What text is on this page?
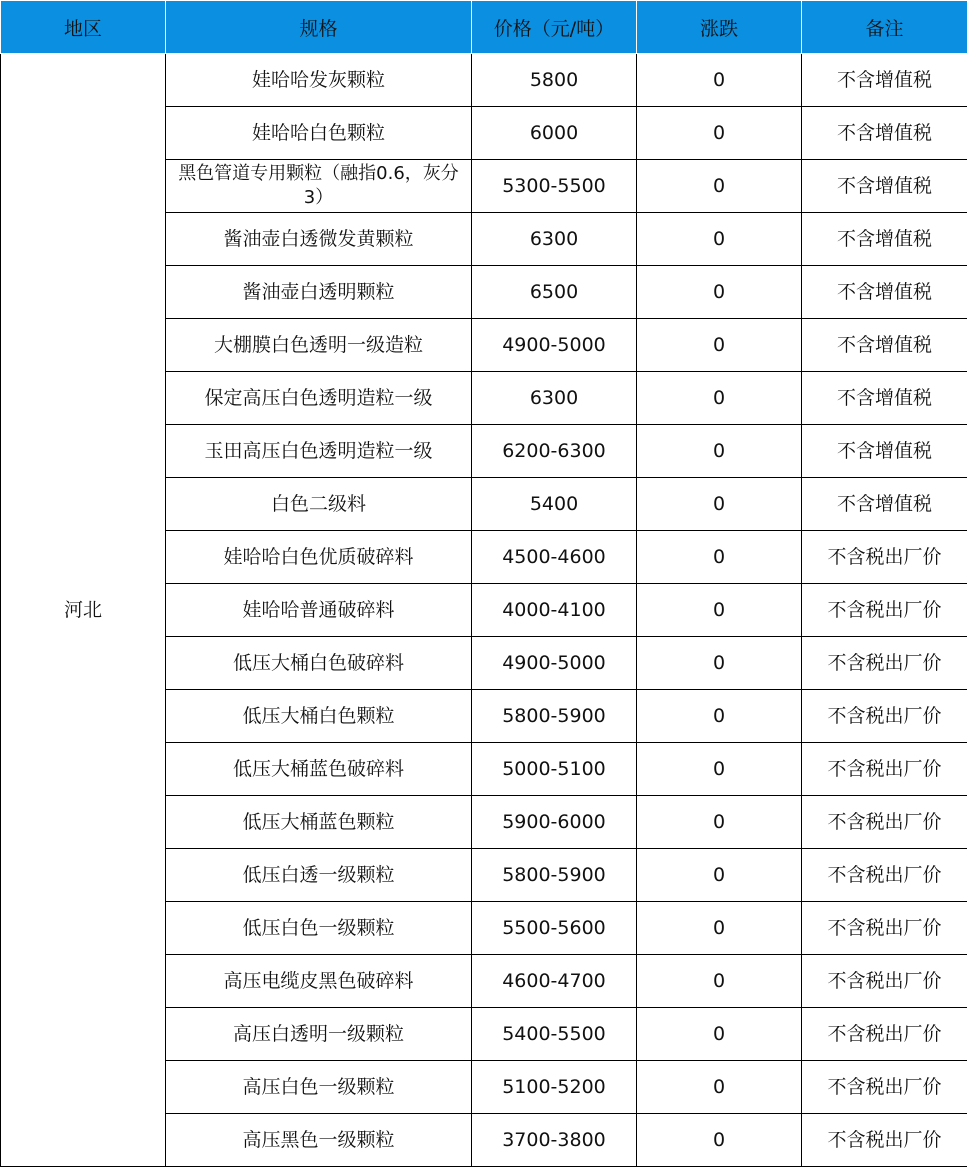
地区	规格	价格（元/吨）	涨跌	备注
河北	娃哈哈发灰颗粒	5800	0	不含增值税
	娃哈哈白色颗粒	6000	0	不含增值税
	黑色管道专用颗粒（融指0.6，灰分3）	5300-5500	0	不含增值税
	酱油壶白透微发黄颗粒	6300	0	不含增值税
	酱油壶白透明颗粒	6500	0	不含增值税
	大棚膜白色透明一级造粒	4900-5000	0	不含增值税
	保定高压白色透明造粒一级	6300	0	不含增值税
	玉田高压白色透明造粒一级	6200-6300	0	不含增值税
	白色二级料	5400	0	不含增值税
	娃哈哈白色优质破碎料	4500-4600	0	不含税出厂价
	娃哈哈普通破碎料	4000-4100	0	不含税出厂价
	低压大桶白色破碎料	4900-5000	0	不含税出厂价
	低压大桶白色颗粒	5800-5900	0	不含税出厂价
	低压大桶蓝色破碎料	5000-5100	0	不含税出厂价
	低压大桶蓝色颗粒	5900-6000	0	不含税出厂价
	低压白透一级颗粒	5800-5900	0	不含税出厂价
	低压白色一级颗粒	5500-5600	0	不含税出厂价
	高压电缆皮黑色破碎料	4600-4700	0	不含税出厂价
	高压白透明一级颗粒	5400-5500	0	不含税出厂价
	高压白色一级颗粒	5100-5200	0	不含税出厂价
	高压黑色一级颗粒	3700-3800	0	不含税出厂价
